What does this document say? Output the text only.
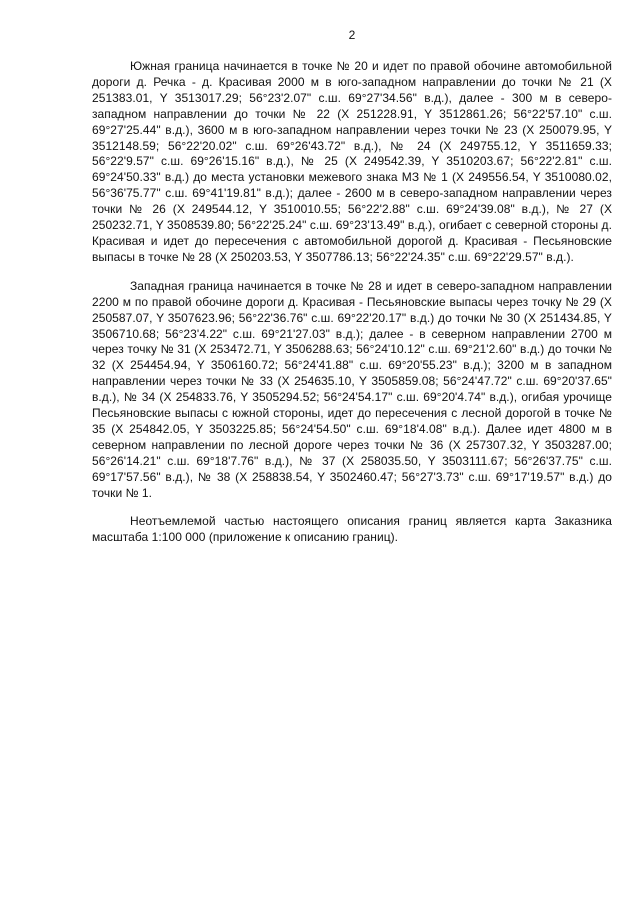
2

Южная граница начинается в точке № 20 и идет по правой обочине автомобильной дороги д. Речка - д. Красивая 2000 м в юго-западном направлении до точки № 21 (X 251383.01, Y 3513017.29; 56°23'2.07" с.ш. 69°27'34.56" в.д.), далее - 300 м в северо-западном направлении до точки № 22 (X 251228.91, Y 3512861.26; 56°22'57.10" с.ш. 69°27'25.44" в.д.), 3600 м в юго-западном направлении через точки № 23 (X 250079.95, Y 3512148.59; 56°22'20.02" с.ш. 69°26'43.72" в.д.), № 24 (X 249755.12, Y 3511659.33; 56°22'9.57" с.ш. 69°26'15.16" в.д.), № 25 (X 249542.39, Y 3510203.67; 56°22'2.81" с.ш. 69°24'50.33" в.д.) до места установки межевого знака МЗ № 1 (X 249556.54, Y 3510080.02, 56°36'75.77" с.ш. 69°41'19.81" в.д.); далее - 2600 м в северо-западном направлении через точки № 26 (X 249544.12, Y 3510010.55; 56°22'2.88" с.ш. 69°24'39.08" в.д.), № 27 (X 250232.71, Y 3508539.80; 56°22'25.24" с.ш. 69°23'13.49" в.д.), огибает с северной стороны д. Красивая и идет до пересечения с автомобильной дорогой д. Красивая - Песьяновские выпасы в точке № 28 (X 250203.53, Y 3507786.13; 56°22'24.35" с.ш. 69°22'29.57" в.д.).

Западная граница начинается в точке № 28 и идет в северо-западном направлении 2200 м по правой обочине дороги д. Красивая - Песьяновские выпасы через точку № 29 (X 250587.07, Y 3507623.96; 56°22'36.76" с.ш. 69°22'20.17" в.д.) до точки № 30 (X 251434.85, Y 3506710.68; 56°23'4.22" с.ш. 69°21'27.03" в.д.); далее - в северном направлении 2700 м через точку № 31 (X 253472.71, Y 3506288.63; 56°24'10.12" с.ш. 69°21'2.60" в.д.) до точки № 32 (X 254454.94, Y 3506160.72; 56°24'41.88" с.ш. 69°20'55.23" в.д.); 3200 м в западном направлении через точки № 33 (X 254635.10, Y 3505859.08; 56°24'47.72" с.ш. 69°20'37.65" в.д.), № 34 (X 254833.76, Y 3505294.52; 56°24'54.17" с.ш. 69°20'4.74" в.д.), огибая урочище Песьяновские выпасы с южной стороны, идет до пересечения с лесной дорогой в точке № 35 (X 254842.05, Y 3503225.85; 56°24'54.50" с.ш. 69°18'4.08" в.д.). Далее идет 4800 м в северном направлении по лесной дороге через точки № 36 (X 257307.32, Y 3503287.00; 56°26'14.21" с.ш. 69°18'7.76" в.д.), № 37 (X 258035.50, Y 3503111.67; 56°26'37.75" с.ш. 69°17'57.56" в.д.), № 38 (X 258838.54, Y 3502460.47; 56°27'3.73" с.ш. 69°17'19.57" в.д.) до точки № 1.

Неотъемлемой частью настоящего описания границ является карта Заказника масштаба 1:100 000 (приложение к описанию границ).
